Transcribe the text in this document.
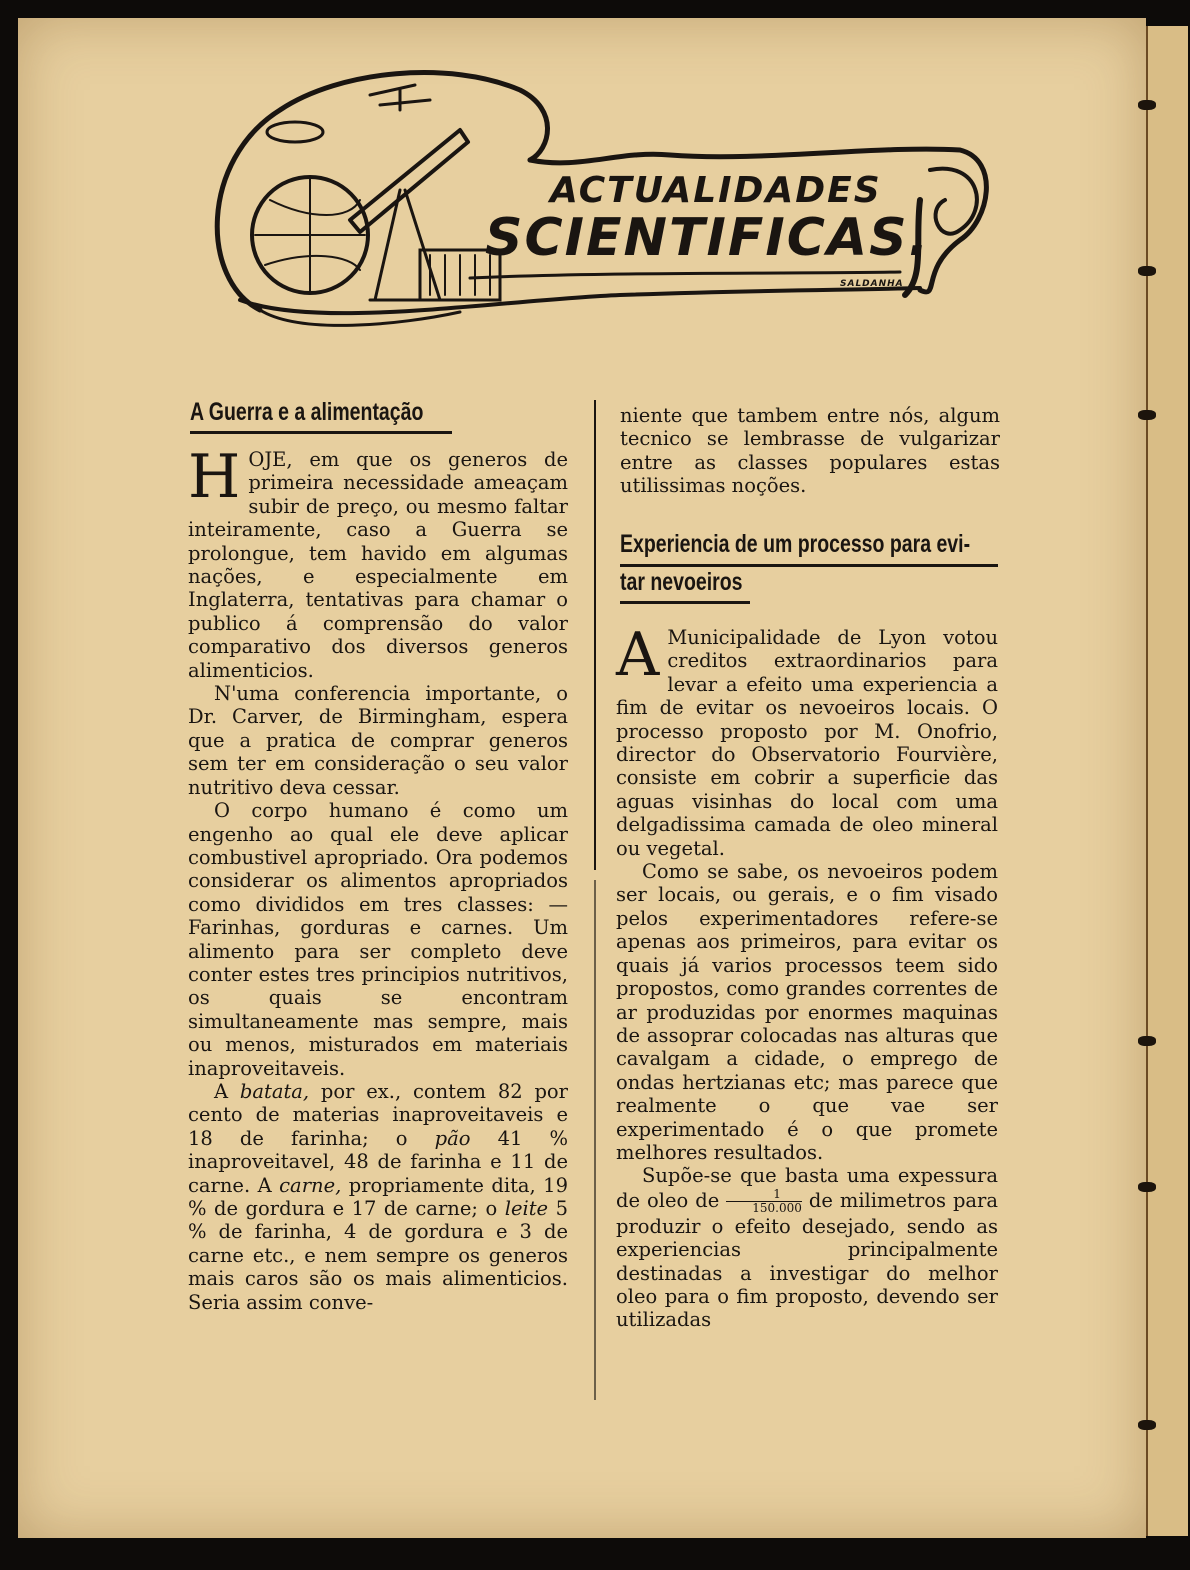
ACTUALIDADES
SCIENTIFICAS.
SALDANHA
A Guerra e a alimentação

HOJE, em que os generos de primeira necessidade ameaçam subir de preço, ou mesmo faltar inteiramente, caso a Guerra se prolongue, tem havido em algumas nações, e especialmente em Inglaterra, tentativas para chamar o publico á comprensão do valor comparativo dos diversos generos alimenticios.

N'uma conferencia importante, o Dr. Carver, de Birmingham, espera que a pratica de comprar generos sem ter em consideração o seu valor nutritivo deva cessar.

O corpo humano é como um engenho ao qual ele deve aplicar combustivel apropriado. Ora podemos considerar os alimentos apropriados como divididos em tres classes: — Farinhas, gorduras e carnes. Um alimento para ser completo deve conter estes tres principios nutritivos, os quais se encontram simultaneamente mas sempre, mais ou menos, misturados em materiais inaproveitaveis.

A batata, por ex., contem 82 por cento de materias inaproveitaveis e 18 de farinha; o pão 41 % inaproveitavel, 48 de farinha e 11 de carne. A carne, propriamente dita, 19 % de gordura e 17 de carne; o leite 5 % de farinha, 4 de gordura e 3 de carne etc., e nem sempre os generos mais caros são os mais alimenticios. Seria assim conve-

niente que tambem entre nós, algum tecnico se lembrasse de vulgarizar entre as classes populares estas utilissimas noções.

Experiencia de um processo para evi-
tar nevoeiros

A Municipalidade de Lyon votou creditos extraordinarios para levar a efeito uma experiencia a fim de evitar os nevoeiros locais. O processo proposto por M. Onofrio, director do Observatorio Fourvière, consiste em cobrir a superficie das aguas visinhas do local com uma delgadissima camada de oleo mineral ou vegetal.

Como se sabe, os nevoeiros podem ser locais, ou gerais, e o fim visado pelos experimentadores refere-se apenas aos primeiros, para evitar os quais já varios processos teem sido propostos, como grandes correntes de ar produzidas por enormes maquinas de assoprar colocadas nas alturas que cavalgam a cidade, o emprego de ondas hertzianas etc; mas parece que realmente o que vae ser experimentado é o que promete melhores resultados.

Supõe-se que basta uma expessura de oleo de $\frac{1}{150.000}$ de milimetros para produzir o efeito desejado, sendo as experiencias principalmente destinadas a investigar do melhor oleo para o fim proposto, devendo ser utilizadas
